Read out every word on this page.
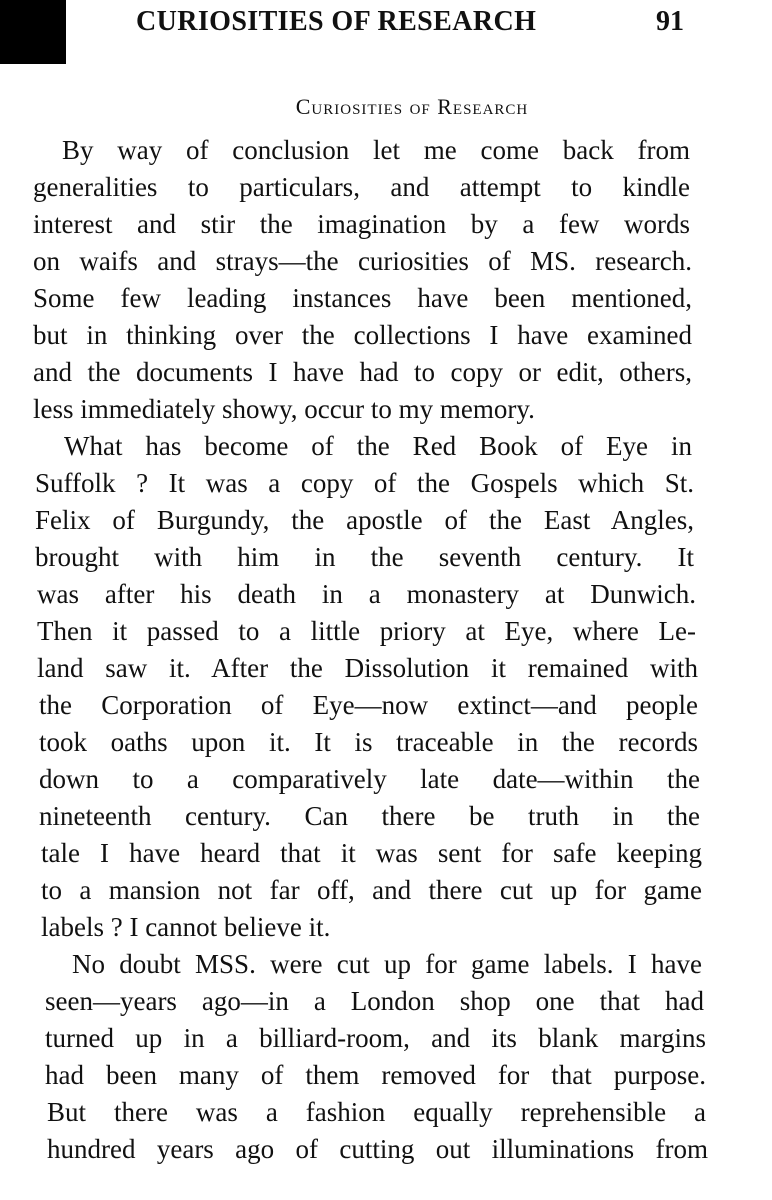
CURIOSITIES OF RESEARCH	91
Curiosities of Research
By way of conclusion let me come back from
generalities to particulars, and attempt to kindle
interest and stir the imagination by a few words
on waifs and strays—the curiosities of MS. research.
Some few leading instances have been mentioned,
but in thinking over the collections I have examined
and the documents I have had to copy or edit, others,
less immediately showy, occur to my memory.
What has become of the Red Book of Eye in
Suffolk ? It was a copy of the Gospels which St.
Felix of Burgundy, the apostle of the East Angles,
brought with him in the seventh century. It
was after his death in a monastery at Dunwich.
Then it passed to a little priory at Eye, where Le-
land saw it. After the Dissolution it remained with
the Corporation of Eye—now extinct—and people
took oaths upon it. It is traceable in the records
down to a comparatively late date—within the
nineteenth century. Can there be truth in the
tale I have heard that it was sent for safe keeping
to a mansion not far off, and there cut up for game
labels ? I cannot believe it.
No doubt MSS. were cut up for game labels. I have
seen—years ago—in a London shop one that had
turned up in a billiard-room, and its blank margins
had been many of them removed for that purpose.
But there was a fashion equally reprehensible a
hundred years ago of cutting out illuminations from
